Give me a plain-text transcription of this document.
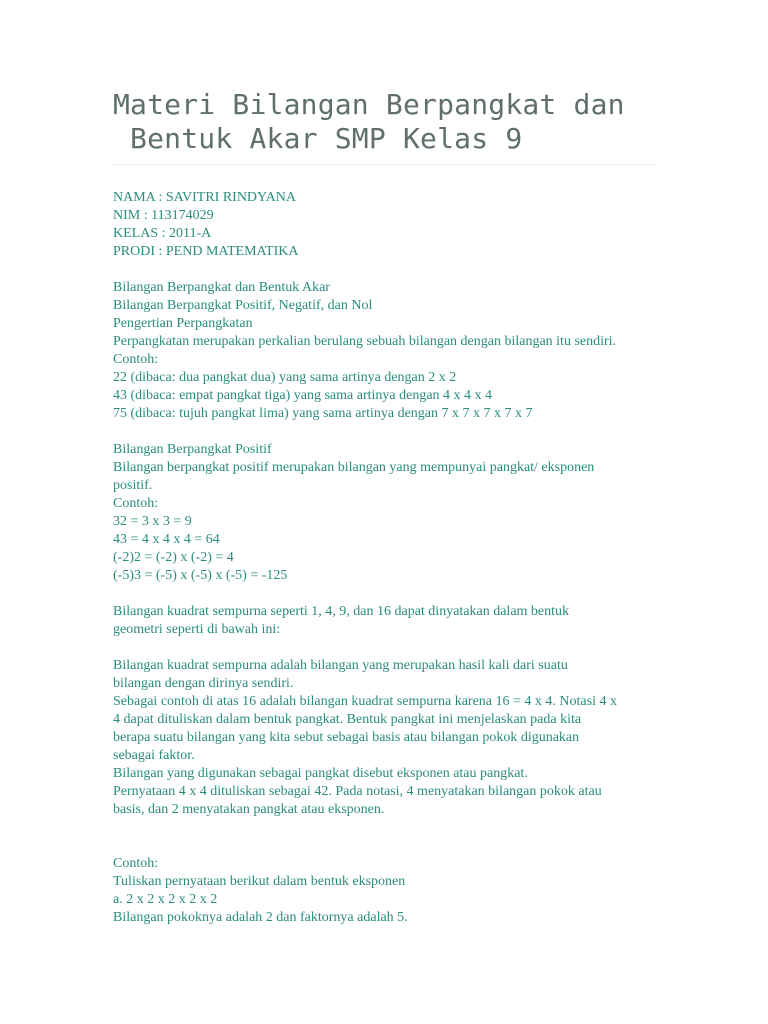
Materi Bilangan Berpangkat dan
Bentuk Akar SMP Kelas 9
NAMA : SAVITRI RINDYANA
NIM : 113174029
KELAS : 2011-A
PRODI : PEND MATEMATIKA
Bilangan Berpangkat dan Bentuk Akar
Bilangan Berpangkat Positif, Negatif, dan Nol
Pengertian Perpangkatan
Perpangkatan merupakan perkalian berulang sebuah bilangan dengan bilangan itu sendiri.
Contoh:
22 (dibaca: dua pangkat dua) yang sama artinya dengan 2 x 2
43 (dibaca: empat pangkat tiga) yang sama artinya dengan 4 x 4 x 4
75 (dibaca: tujuh pangkat lima) yang sama artinya dengan 7 x 7 x 7 x 7 x 7
Bilangan Berpangkat Positif
Bilangan berpangkat positif merupakan bilangan yang mempunyai pangkat/ eksponen
positif.
Contoh:
32 = 3 x 3 = 9
43 = 4 x 4 x 4 = 64
(-2)2 = (-2) x (-2) = 4
(-5)3 = (-5) x (-5) x (-5) = -125
Bilangan kuadrat sempurna seperti 1, 4, 9, dan 16 dapat dinyatakan dalam bentuk
geometri seperti di bawah ini:
Bilangan kuadrat sempurna adalah bilangan yang merupakan hasil kali dari suatu
bilangan dengan dirinya sendiri.
Sebagai contoh di atas 16 adalah bilangan kuadrat sempurna karena 16 = 4 x 4. Notasi 4 x
4 dapat dituliskan dalam bentuk pangkat. Bentuk pangkat ini menjelaskan pada kita
berapa suatu bilangan yang kita sebut sebagai basis atau bilangan pokok digunakan
sebagai faktor.
Bilangan yang digunakan sebagai pangkat disebut eksponen atau pangkat.
Pernyataan 4 x 4 dituliskan sebagai 42. Pada notasi, 4 menyatakan bilangan pokok atau
basis, dan 2 menyatakan pangkat atau eksponen.
Contoh:
Tuliskan pernyataan berikut dalam bentuk eksponen
a. 2 x 2 x 2 x 2 x 2
Bilangan pokoknya adalah 2 dan faktornya adalah 5.
